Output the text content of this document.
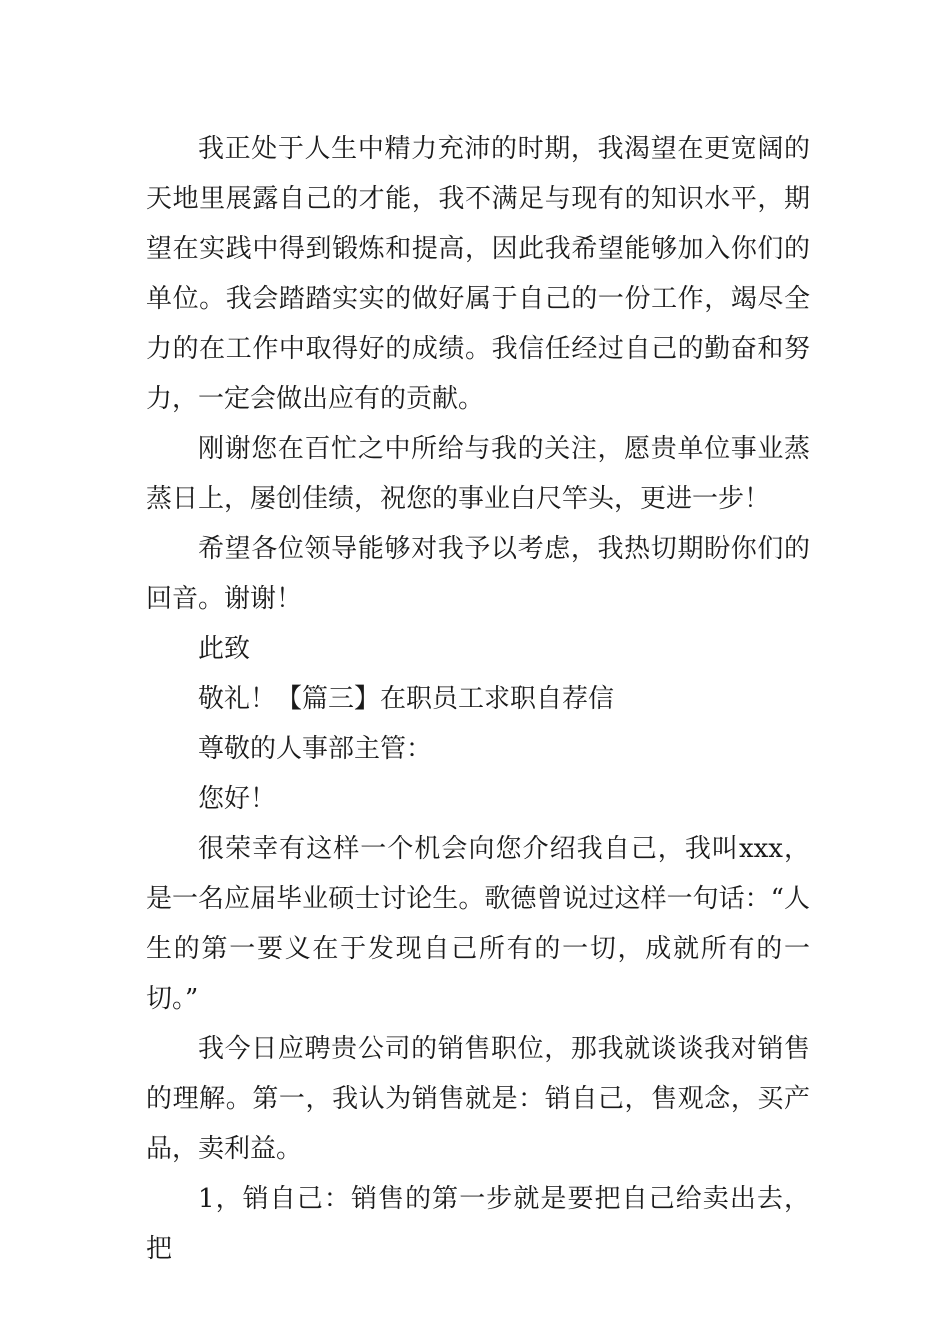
我正处于人生中精力充沛的时期，我渴望在更宽阔的天地里展露自己的才能，我不满足与现有的知识水平，期望在实践中得到锻炼和提高，因此我希望能够加入你们的单位。我会踏踏实实的做好属于自己的一份工作，竭尽全力的在工作中取得好的成绩。我信任经过自己的勤奋和努力，一定会做出应有的贡献。

刚谢您在百忙之中所给与我的关注，愿贵单位事业蒸蒸日上，屡创佳绩，祝您的事业白尺竿头，更进一步！

希望各位领导能够对我予以考虑，我热切期盼你们的回音。谢谢！

此致

敬礼！【篇三】在职员工求职自荐信

尊敬的人事部主管：

您好！

很荣幸有这样一个机会向您介绍我自己，我叫xxx，是一名应届毕业硕士讨论生。歌德曾说过这样一句话：“人生的第一要义在于发现自己所有的一切，成就所有的一切。”

我今日应聘贵公司的销售职位，那我就谈谈我对销售的理解。第一，我认为销售就是：销自己，售观念，买产品，卖利益。

1，销自己：销售的第一步就是要把自己给卖出去，把
